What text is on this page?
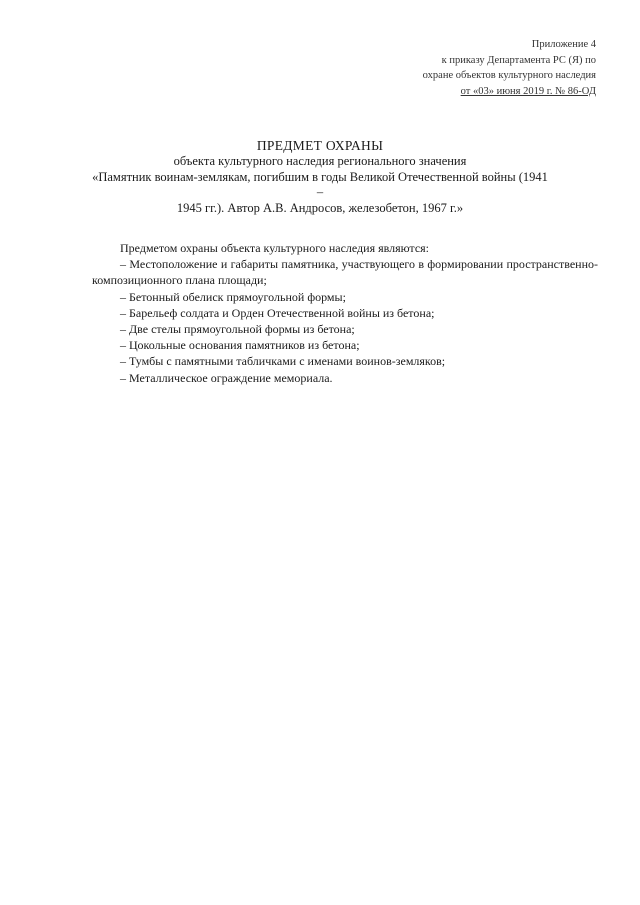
Приложение 4
к приказу Департамента РС (Я) по
охране объектов культурного наследия
от «03» июня 2019 г. № 86-ОД
ПРЕДМЕТ ОХРАНЫ
объекта культурного наследия регионального значения
«Памятник воинам-землякам, погибшим в годы Великой Отечественной войны (1941 –
1945 гг.). Автор А.В. Андросов, железобетон, 1967 г.»

Предметом охраны объекта культурного наследия являются:

– Местоположение и габариты памятника, участвующего в формировании пространственно-композиционного плана площади;
– Бетонный обелиск прямоугольной формы;
– Барельеф солдата и Орден Отечественной войны из бетона;
– Две стелы прямоугольной формы из бетона;
– Цокольные основания памятников из бетона;
– Тумбы с памятными табличками с именами воинов-земляков;
– Металлическое ограждение мемориала.
